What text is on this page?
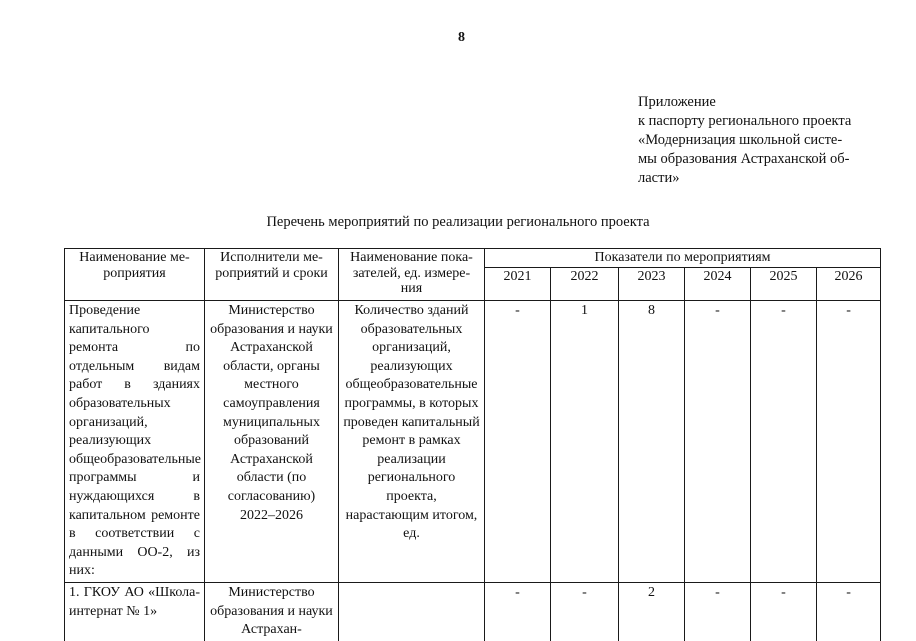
8
Приложение
к паспорту регионального проекта
«Модернизация школьной систе-
мы образования Астраханской об-
ласти»
Перечень мероприятий по реализации регионального проекта
Наименование ме-роприятия	Исполнители ме-роприятий и сроки	Наименование пока-зателей, ед. измере-ния	Показатели по мероприятиям					
			2021	2022	2023	2024	2025	2026
Проведение капитального ремонта по отдельным видам работ в зданиях образовательных организаций, реализующих общеобразовательные программы и нуждающихся в капитальном ремонте в соответствии с данными ОО-2, из них:	Министерство образования и науки Астраханской области, органы местного самоуправления муниципальных образований Астраханской области (по согласованию) 2022–2026	Количество зданий образовательных организаций, реализующих общеобразовательные программы, в которых проведен капитальный ремонт в рамках реализации регионального проекта, нарастающим итогом, ед.	-	1	8	-	-	-
1. ГКОУ АО «Школа-интернат № 1»	Министерство образования и науки Астрахан-		-	-	2	-	-	-
